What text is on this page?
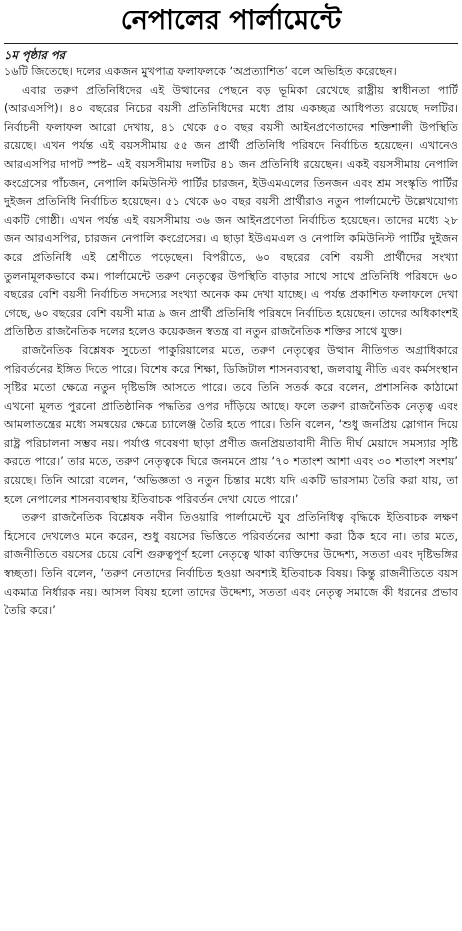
নেপালের পার্লামেন্টে

১ম পৃষ্ঠার পর

১৬টি জিতেছে। দলের একজন মুখপাত্র ফলাফলকে ‘অপ্রত্যাশিত’ বলে অভিহিত করেছেন।

এবার তরুণ প্রতিনিধিদের এই উত্থানের পেছনে বড় ভূমিকা রেখেছে রাষ্ট্রীয় স্বাধীনতা পার্টি (আরএসপি)। ৪০ বছরের নিচের বয়সী প্রতিনিধিদের মধ্যে প্রায় একচ্ছত্র আধিপত্য রয়েছে দলটির। নির্বাচনী ফলাফল আরো দেখায়, ৪১ থেকে ৫০ বছর বয়সী আইনপ্রণেতাদের শক্তিশালী উপস্থিতি রয়েছে। এখন পর্যন্ত এই বয়সসীমায় ৫৫ জন প্রার্থী প্রতিনিধি পরিষদে নির্বাচিত হয়েছেন। এখানেও আরএসপির দাপট স্পষ্ট– এই বয়সসীমায় দলটির ৪১ জন প্রতিনিধি রয়েছেন। একই বয়সসীমায় নেপালি কংগ্রেসের পাঁচজন, নেপালি কমিউনিস্ট পার্টির চারজন, ইউএমএলের তিনজন এবং শ্রম সংস্কৃতি পার্টির দুইজন প্রতিনিধি নির্বাচিত হয়েছেন। ৫১ থেকে ৬০ বছর বয়সী প্রার্থীরাও নতুন পার্লামেন্টে উল্লেখযোগ্য একটি গোষ্ঠী। এখন পর্যন্ত এই বয়সসীমায় ৩৬ জন আইনপ্রণেতা নির্বাচিত হয়েছেন। তাদের মধ্যে ২৮ জন আরএসপির, চারজন নেপালি কংগ্রেসের। এ ছাড়া ইউএমএল ও নেপালি কমিউনিস্ট পার্টির দুইজন করে প্রতিনিধি এই শ্রেণীতে পড়েছেন। বিপরীতে, ৬০ বছরের বেশি বয়সী প্রার্থীদের সংখ্যা তুলনামূলকভাবে কম। পার্লামেন্টে তরুণ নেতৃত্বের উপস্থিতি বাড়ার সাথে সাথে প্রতিনিধি পরিষদে ৬০ বছরের বেশি বয়সী নির্বাচিত সদস্যের সংখ্যা অনেক কম দেখা যাচ্ছে। এ পর্যন্ত প্রকাশিত ফলাফলে দেখা গেছে, ৬০ বছরের বেশি বয়সী মাত্র ৯ জন প্রার্থী প্রতিনিধি পরিষদে নির্বাচিত হয়েছেন। তাদের অধিকাংশই প্রতিষ্ঠিত রাজনৈতিক দলের হলেও কয়েকজন স্বতন্ত্র বা নতুন রাজনৈতিক শক্তির সাথে যুক্ত।

রাজনৈতিক বিশ্লেষক সুচেতা পাকুরিয়ালের মতে, তরুণ নেতৃত্বের উত্থান নীতিগত অগ্রাধিকারে পরিবর্তনের ইঙ্গিত দিতে পারে। বিশেষ করে শিক্ষা, ডিজিটাল শাসনব্যবস্থা, জলবায়ু নীতি এবং কর্মসংস্থান সৃষ্টির মতো ক্ষেত্রে নতুন দৃষ্টিভঙ্গি আসতে পারে। তবে তিনি সতর্ক করে বলেন, প্রশাসনিক কাঠামো এখনো মূলত পুরনো প্রাতিষ্ঠানিক পদ্ধতির ওপর দাঁড়িয়ে আছে। ফলে তরুণ রাজনৈতিক নেতৃত্ব এবং আমলাতন্ত্রের মধ্যে সমন্বয়ের ক্ষেত্রে চ্যালেঞ্জ তৈরি হতে পারে। তিনি বলেন, ‘শুধু জনপ্রিয় স্লোগান দিয়ে রাষ্ট্র পরিচালনা সম্ভব নয়। পর্যাপ্ত গবেষণা ছাড়া প্রণীত জনপ্রিয়তাবাদী নীতি দীর্ঘ মেয়াদে সমস্যার সৃষ্টি করতে পারে।’ তার মতে, তরুণ নেতৃত্বকে ঘিরে জনমনে প্রায় ‘৭০ শতাংশ আশা এবং ৩০ শতাংশ সংশয়’ রয়েছে। তিনি আরো বলেন, ‘অভিজ্ঞতা ও নতুন চিন্তার মধ্যে যদি একটি ভারসাম্য তৈরি করা যায়, তা হলে নেপালের শাসনব্যবস্থায় ইতিবাচক পরিবর্তন দেখা যেতে পারে।’

তরুণ রাজনৈতিক বিশ্লেষক নবীন তিওয়ারি পার্লামেন্টে যুব প্রতিনিধিত্ব বৃদ্ধিকে ইতিবাচক লক্ষণ হিসেবে দেখলেও মনে করেন, শুধু বয়সের ভিত্তিতে পরিবর্তনের আশা করা ঠিক হবে না। তার মতে, রাজনীতিতে বয়সের চেয়ে বেশি গুরুত্বপূর্ণ হলো নেতৃত্বে থাকা ব্যক্তিদের উদ্দেশ্য, সততা এবং দৃষ্টিভঙ্গির স্বচ্ছতা। তিনি বলেন, ‘তরুণ নেতাদের নির্বাচিত হওয়া অবশ্যই ইতিবাচক বিষয়। কিন্তু রাজনীতিতে বয়স একমাত্র নির্ধারক নয়। আসল বিষয় হলো তাদের উদ্দেশ্য, সততা এবং নেতৃত্ব সমাজে কী ধরনের প্রভাব তৈরি করে।’
